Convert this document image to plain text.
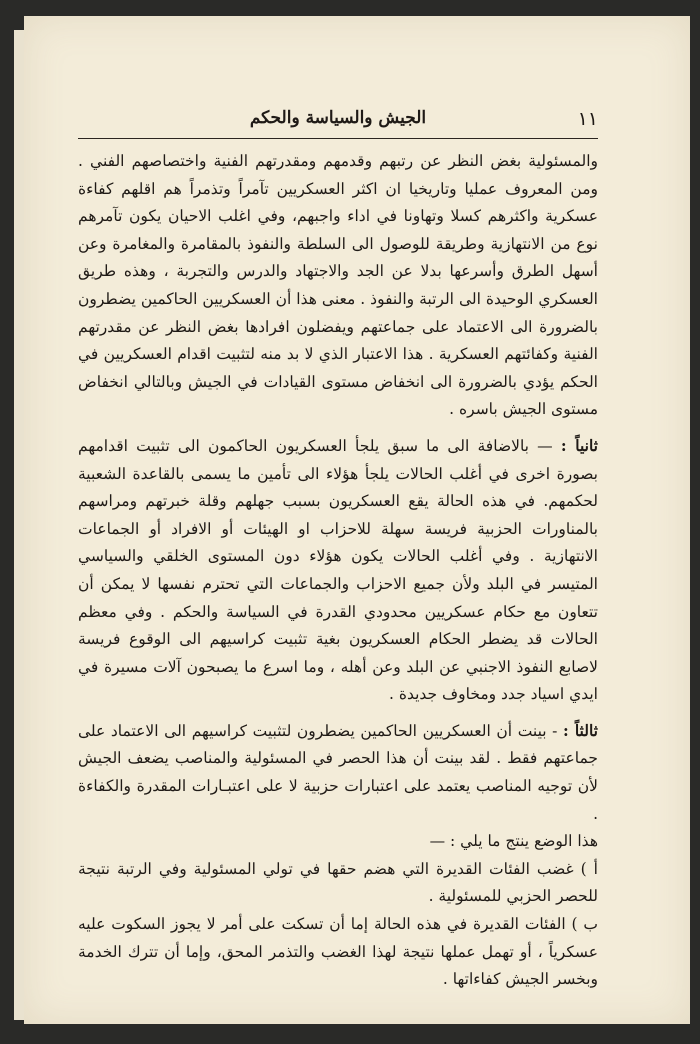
١١
الجيش والسياسة والحكم

والمسئولية بغض النظر عن رتبهم وقدمهم ومقدرتهم الفنية واختصاصهم الفني . ومن المعروف عمليا وتاريخيا ان اكثر العسكريين تآمراً وتذمراً هم اقلهم كفاءة عسكرية واكثرهم كسلا وتهاونا في اداء واجبهم، وفي اغلب الاحيان يكون تآمرهم نوع من الانتهازية وطريقة للوصول الى السلطة والنفوذ بالمقامرة والمغامرة وعن أسهل الطرق وأسرعها بدلا عن الجد والاجتهاد والدرس والتجربة ، وهذه طريق العسكري الوحيدة الى الرتبة والنفوذ . معنى هذا أن العسكريين الحاكمين يضطرون بالضرورة الى الاعتماد على جماعتهم ويفضلون افرادها بغض النظر عن مقدرتهم الفنية وكفائتهم العسكرية . هذا الاعتبار الذي لا بد منه لتثبيت اقدام العسكريين في الحكم يؤدي بالضرورة الى انخفاض مستوى القيادات في الجيش وبالتالي انخفاض مستوى الجيش باسره .

ثانياً : — بالاضافة الى ما سبق يلجأ العسكريون الحاكمون الى تثبيت اقدامهم بصورة اخرى في أغلب الحالات يلجأ هؤلاء الى تأمين ما يسمى بالقاعدة الشعبية لحكمهم. في هذه الحالة يقع العسكريون بسبب جهلهم وقلة خبرتهم ومراسهم بالمناورات الحزبية فريسة سهلة للاحزاب او الهيئات أو الافراد أو الجماعات الانتهازية . وفي أغلب الحالات يكون هؤلاء دون المستوى الخلقي والسياسي المتيسر في البلد ولأن جميع الاحزاب والجماعات التي تحترم نفسها لا يمكن أن تتعاون مع حكام عسكريين محدودي القدرة في السياسة والحكم . وفي معظم الحالات قد يضطر الحكام العسكريون بغية تثبيت كراسيهم الى الوقوع فريسة لاصابع النفوذ الاجنبي عن البلد وعن أهله ، وما اسرع ما يصبحون آلات مسيرة في ايدي اسياد جدد ومخاوف جديدة .

ثالثاً : - بينت أن العسكريين الحاكمين يضطرون لتثبيت كراسيهم الى الاعتماد على جماعتهم فقط . لقد بينت أن هذا الحصر في المسئولية والمناصب يضعف الجيش لأن توجيه المناصب يعتمد على اعتبارات حزبية لا على اعتبـارات المقدرة والكفاءة .

هذا الوضع ينتج ما يلي : —

أ ) غضب الفئات القديرة التي هضم حقها في تولي المسئولية وفي الرتبة نتيجة للحصر الحزبي للمسئولية .

ب ) الفئات القديرة في هذه الحالة إما أن تسكت على أمر لا يجوز السكوت عليه عسكرياً ، أو تهمل عملها نتيجة لهذا الغضب والتذمر المحق، وإما أن تترك الخدمة وبخسر الجيش كفاءاتها .
